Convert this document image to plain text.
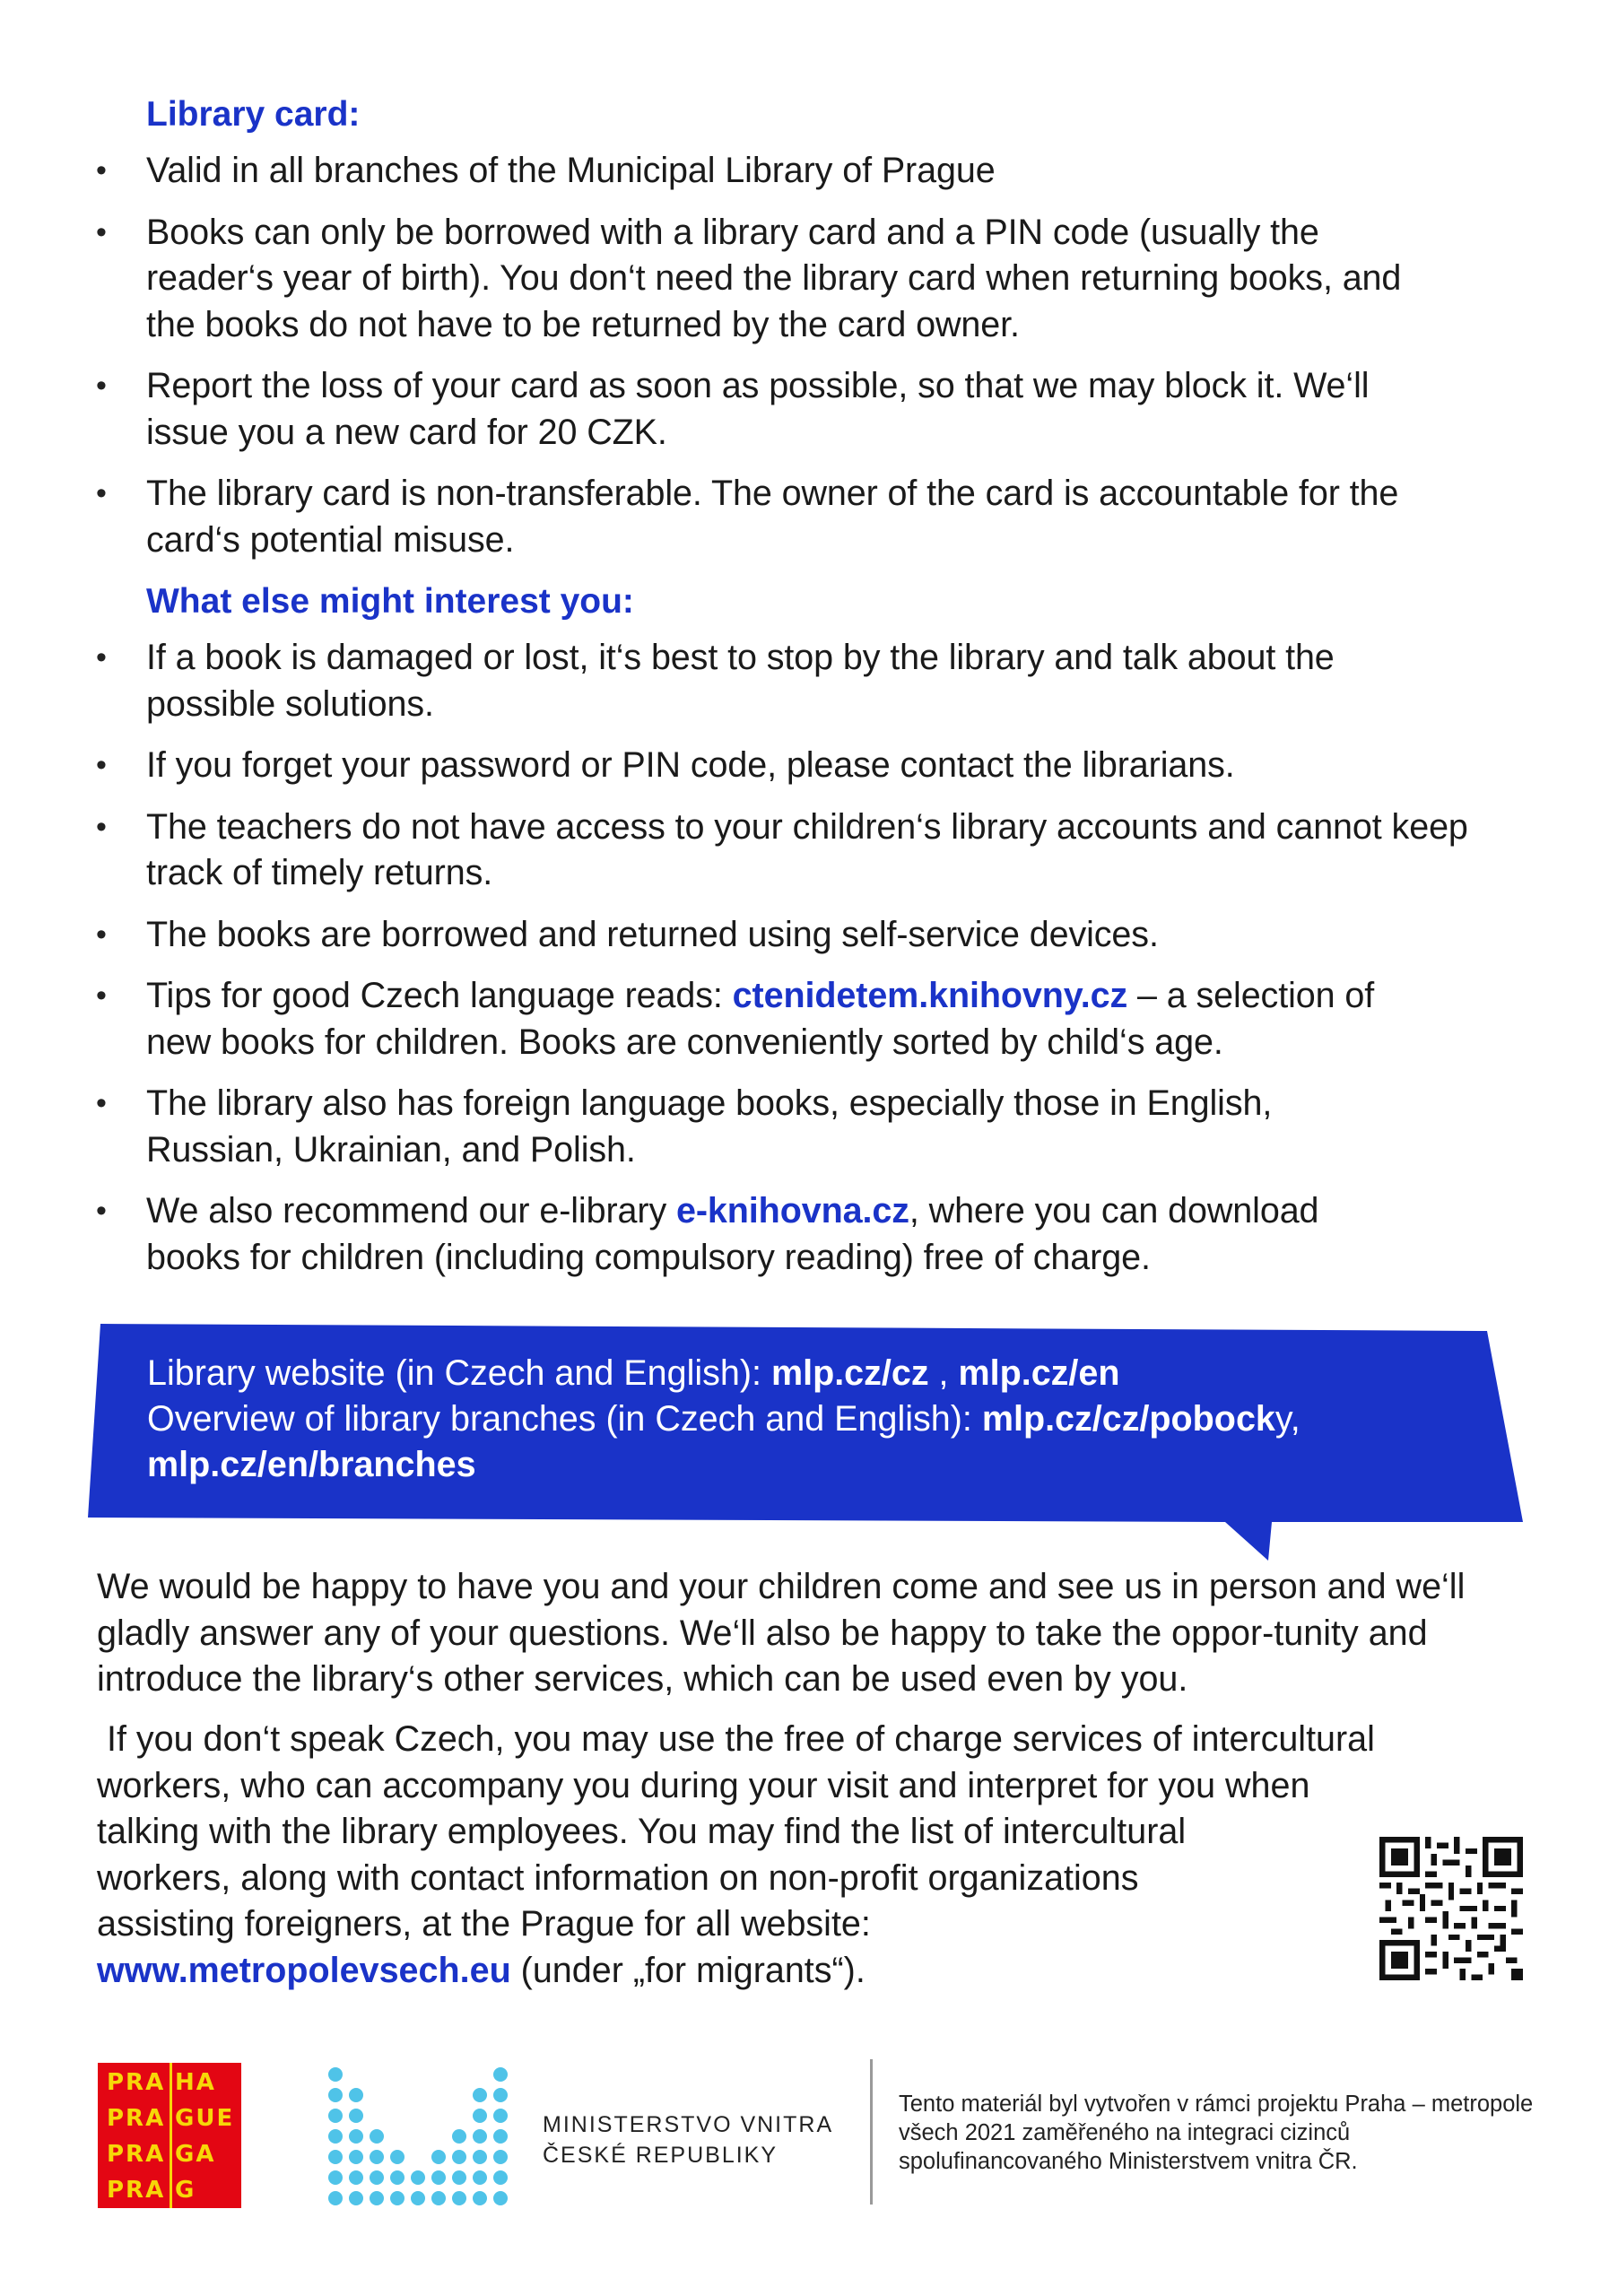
Library card:
• Valid in all branches of the Municipal Library of Prague
• Books can only be borrowed with a library card and a PIN code (usually the reader‘s year of birth). You don‘t need the library card when returning books, and the books do not have to be returned by the card owner.
• Report the loss of your card as soon as possible, so that we may block it. We‘ll issue you a new card for 20 CZK.
• The library card is non-transferable. The owner of the card is accountable for the card‘s potential misuse.
What else might interest you:
• If a book is damaged or lost, it‘s best to stop by the library and talk about the possible solutions.
• If you forget your password or PIN code, please contact the librarians.
• The teachers do not have access to your children‘s library accounts and cannot keep track of timely returns.
• The books are borrowed and returned using self-service devices.
• Tips for good Czech language reads: ctenidetem.knihovny.cz – a selection of new books for children. Books are conveniently sorted by child‘s age.
• The library also has foreign language books, especially those in English, Russian, Ukrainian, and Polish.
• We also recommend our e-library e-knihovna.cz, where you can download books for children (including compulsory reading) free of charge.
Library website (in Czech and English): mlp.cz/cz , mlp.cz/en
Overview of library branches (in Czech and English): mlp.cz/cz/pobocky,
mlp.cz/en/branches

We would be happy to have you and your children come and see us in person and we‘ll gladly answer any of your questions. We‘ll also be happy to take the oppor-tunity and introduce the library‘s other services, which can be used even by you.

If you don‘t speak Czech, you may use the free of charge services of intercultural
workers, who can accompany you during your visit and interpret for you when
talking with the library employees. You may find the list of intercultural
workers, along with contact information on non-profit organizations
assisting foreigners, at the Prague for all website:
www.metropolevsech.eu (under „for migrants“).
PRA HA
PRA GUE
PRA GA
PRA G
MINISTERSTVO VNITRA
ČESKÉ REPUBLIKY
Tento materiál byl vytvořen v rámci projektu Praha – metropole všech 2021 zaměřeného na integraci cizinců spolufinancovaného Ministerstvem vnitra ČR.
